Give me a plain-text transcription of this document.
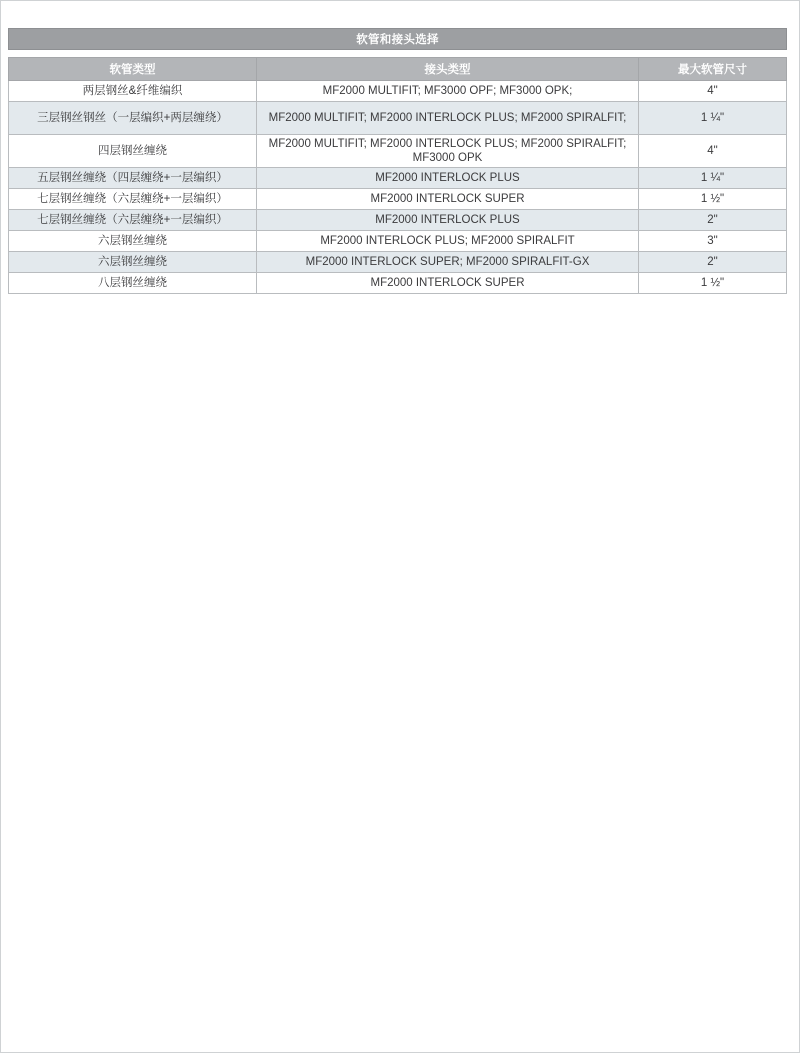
软管和接头选择		

软管类型	接头类型	最大软管尺寸
两层钢丝&纤维编织	MF2000 MULTIFIT; MF3000 OPF; MF3000 OPK;	4"
三层钢丝钢丝（一层编织+两层缠绕）	MF2000 MULTIFIT; MF2000 INTERLOCK PLUS; MF2000 SPIRALFIT;	1 ¼"
四层钢丝缠绕	MF2000 MULTIFIT; MF2000 INTERLOCK PLUS; MF2000 SPIRALFIT; MF3000 OPK	4"
五层钢丝缠绕（四层缠绕+一层编织）	MF2000 INTERLOCK PLUS	1 ¼"
七层钢丝缠绕（六层缠绕+一层编织）	MF2000 INTERLOCK SUPER	1 ½"
七层钢丝缠绕（六层缠绕+一层编织）	MF2000 INTERLOCK PLUS	2"
六层钢丝缠绕	MF2000 INTERLOCK PLUS; MF2000 SPIRALFIT	3"
六层钢丝缠绕	MF2000 INTERLOCK SUPER; MF2000 SPIRALFIT-GX	2"
八层钢丝缠绕	MF2000 INTERLOCK SUPER	1 ½"
